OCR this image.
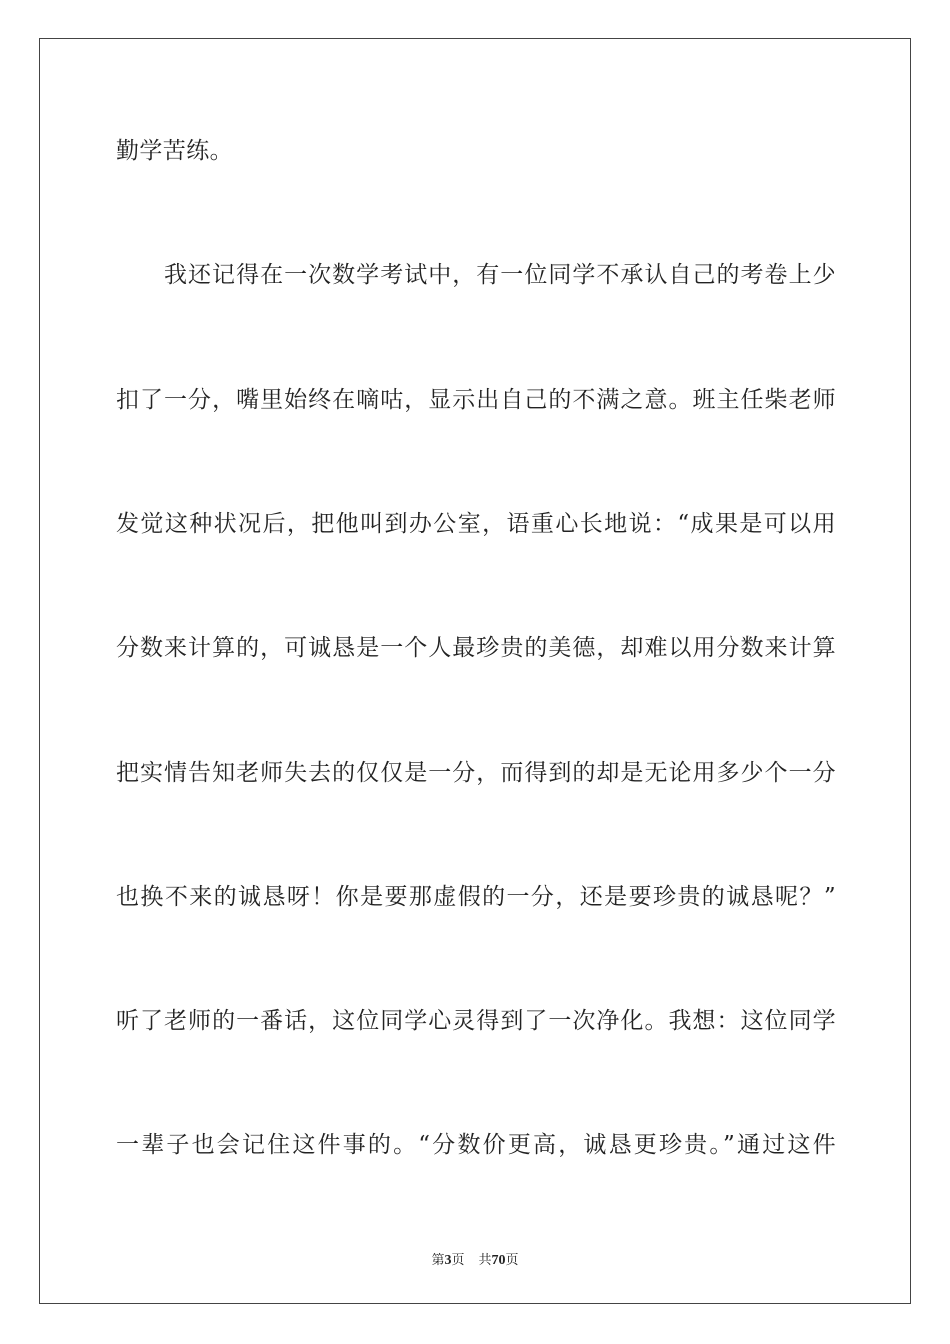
勤学苦练。
我还记得在一次数学考试中，有一位同学不承认自己的考卷上少
扣了一分，嘴里始终在嘀咕，显示出自己的不满之意。班主任柴老师
发觉这种状况后，把他叫到办公室，语重心长地说：“成果是可以用
分数来计算的，可诚恳是一个人最珍贵的美德，却难以用分数来计算
把实情告知老师失去的仅仅是一分，而得到的却是无论用多少个一分
也换不来的诚恳呀！你是要那虚假的一分，还是要珍贵的诚恳呢？”
听了老师的一番话，这位同学心灵得到了一次净化。我想：这位同学
一辈子也会记住这件事的。“分数价更高，诚恳更珍贵。”通过这件
第3页 共70页
